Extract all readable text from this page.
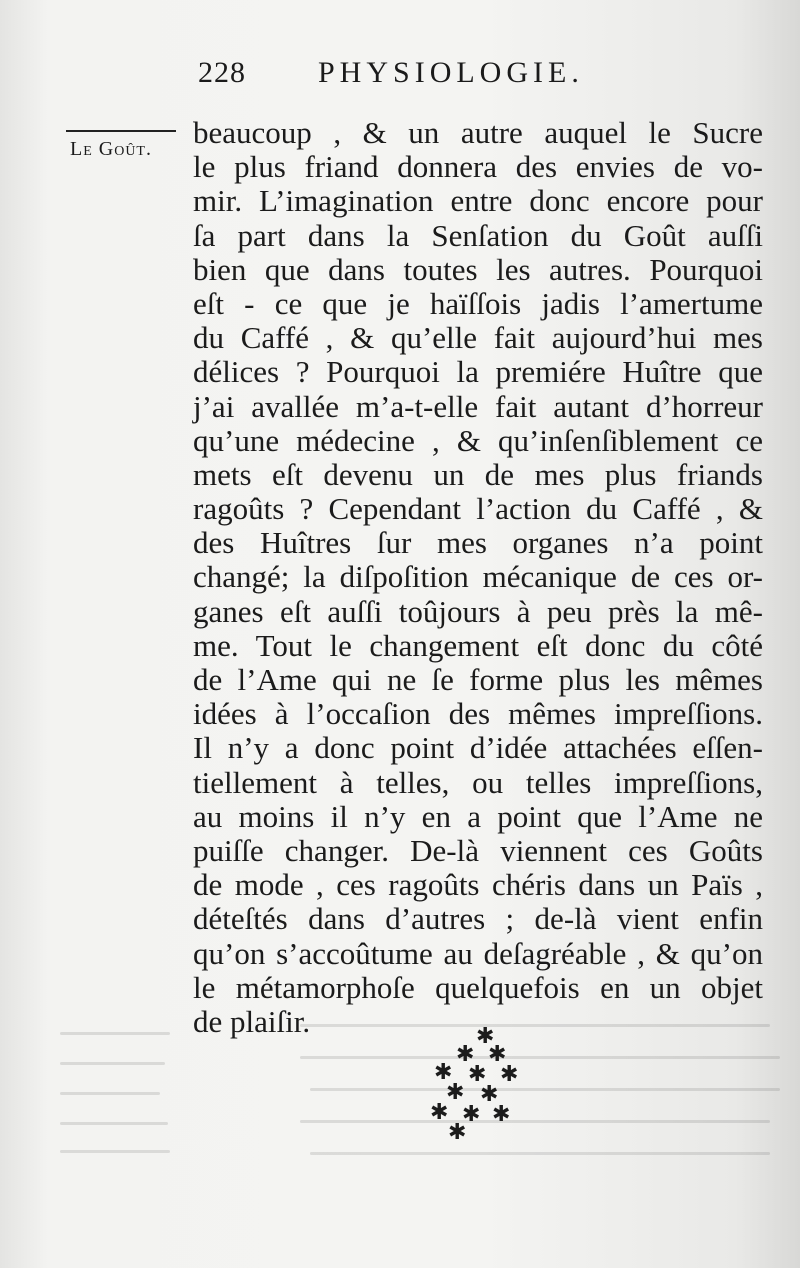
228 PHYSIOLOGIE.
Le Goût. beaucoup , & un autre auquel le Sucre
le plus friand donnera des envies de vo-
mir. L’imagination entre donc encore pour
ſa part dans la Senſation du Goût auſſi
bien que dans toutes les autres. Pourquoi
eſt - ce que je haïſſois jadis l’amertume
du Caffé , & qu’elle fait aujourd’hui mes
délices ? Pourquoi la premiére Huître que
j’ai avallée m’a-t-elle fait autant d’horreur
qu’une médecine , & qu’inſenſiblement ce
mets eſt devenu un de mes plus friands
ragoûts ? Cependant l’action du Caffé , &
des Huîtres ſur mes organes n’a point
changé; la diſpoſition mécanique de ces or-
ganes eſt auſſi toûjours à peu près la mê-
me. Tout le changement eſt donc du côté
de l’Ame qui ne ſe forme plus les mêmes
idées à l’occaſion des mêmes impreſſions.
Il n’y a donc point d’idée attachées eſſen-
tiellement à telles, ou telles impreſſions,
au moins il n’y en a point que l’Ame ne
puiſſe changer. De-là viennent ces Goûts
de mode , ces ragoûts chéris dans un Païs ,
déteſtés dans d’autres ; de-là vient enfin
qu’on s’accoûtume au deſagréable , & qu’on
le métamorphoſe quelquefois en un objet
de plaiſir.	✱
✱ ✱
✱ ✱ ✱
✱ ✱
✱ ✱ ✱
✱
